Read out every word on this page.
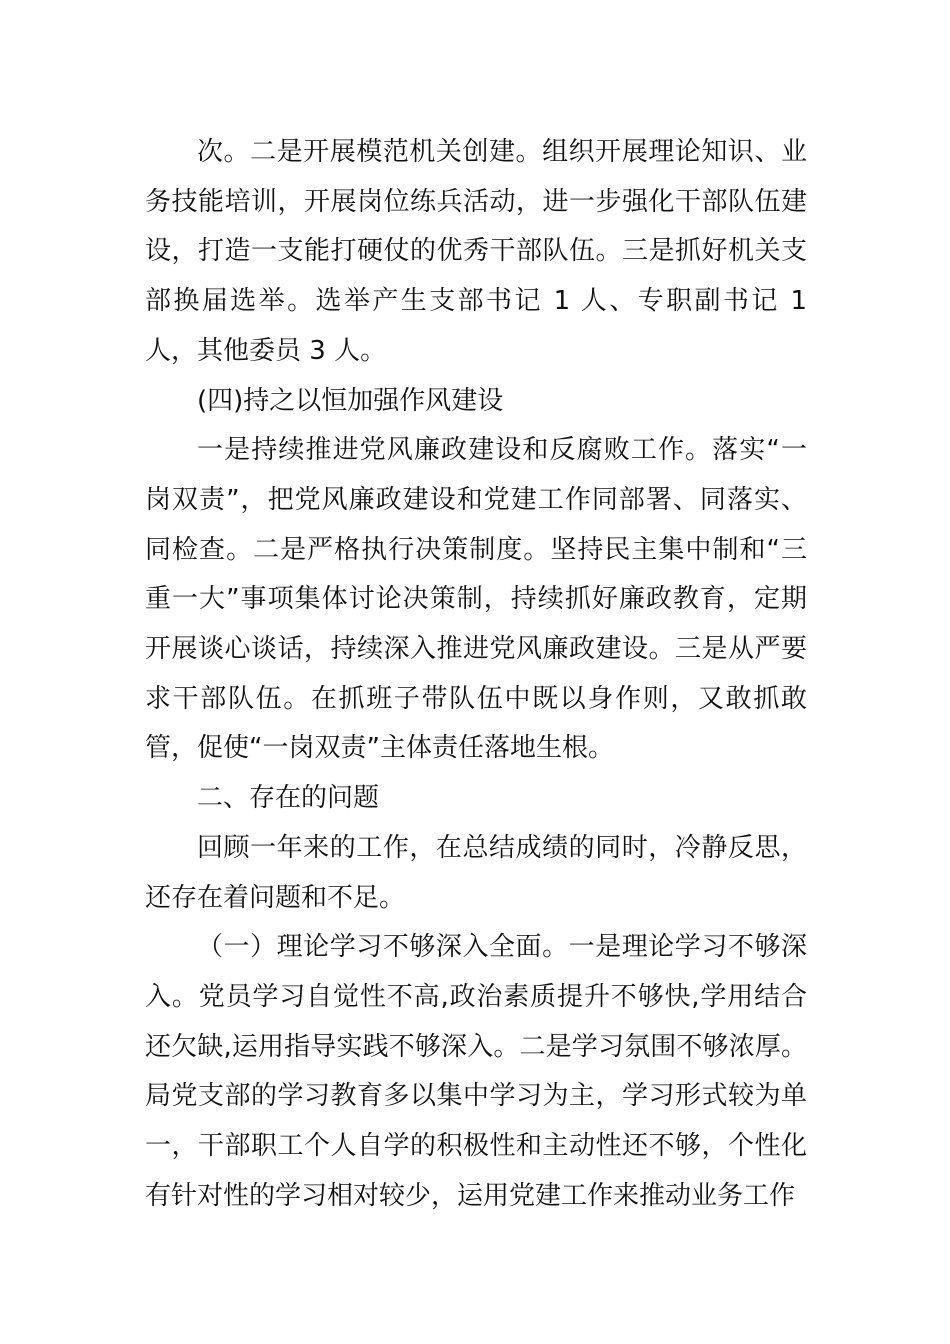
次。二是开展模范机关创建。组织开展理论知识、业务技能培训，开展岗位练兵活动，进一步强化干部队伍建设，打造一支能打硬仗的优秀干部队伍。三是抓好机关支部换届选举。选举产生支部书记 1 人、专职副书记 1 人，其他委员 3 人。

(四)持之以恒加强作风建设

一是持续推进党风廉政建设和反腐败工作。落实“一岗双责”，把党风廉政建设和党建工作同部署、同落实、同检查。二是严格执行决策制度。坚持民主集中制和“三重一大”事项集体讨论决策制，持续抓好廉政教育，定期开展谈心谈话，持续深入推进党风廉政建设。三是从严要求干部队伍。在抓班子带队伍中既以身作则，又敢抓敢管，促使“一岗双责”主体责任落地生根。

二、存在的问题

回顾一年来的工作，在总结成绩的同时，冷静反思，还存在着问题和不足。

（一）理论学习不够深入全面。一是理论学习不够深入。党员学习自觉性不高,政治素质提升不够快,学用结合还欠缺,运用指导实践不够深入。二是学习氛围不够浓厚。局党支部的学习教育多以集中学习为主，学习形式较为单一，干部职工个人自学的积极性和主动性还不够，个性化有针对性的学习相对较少，运用党建工作来推动业务工作
